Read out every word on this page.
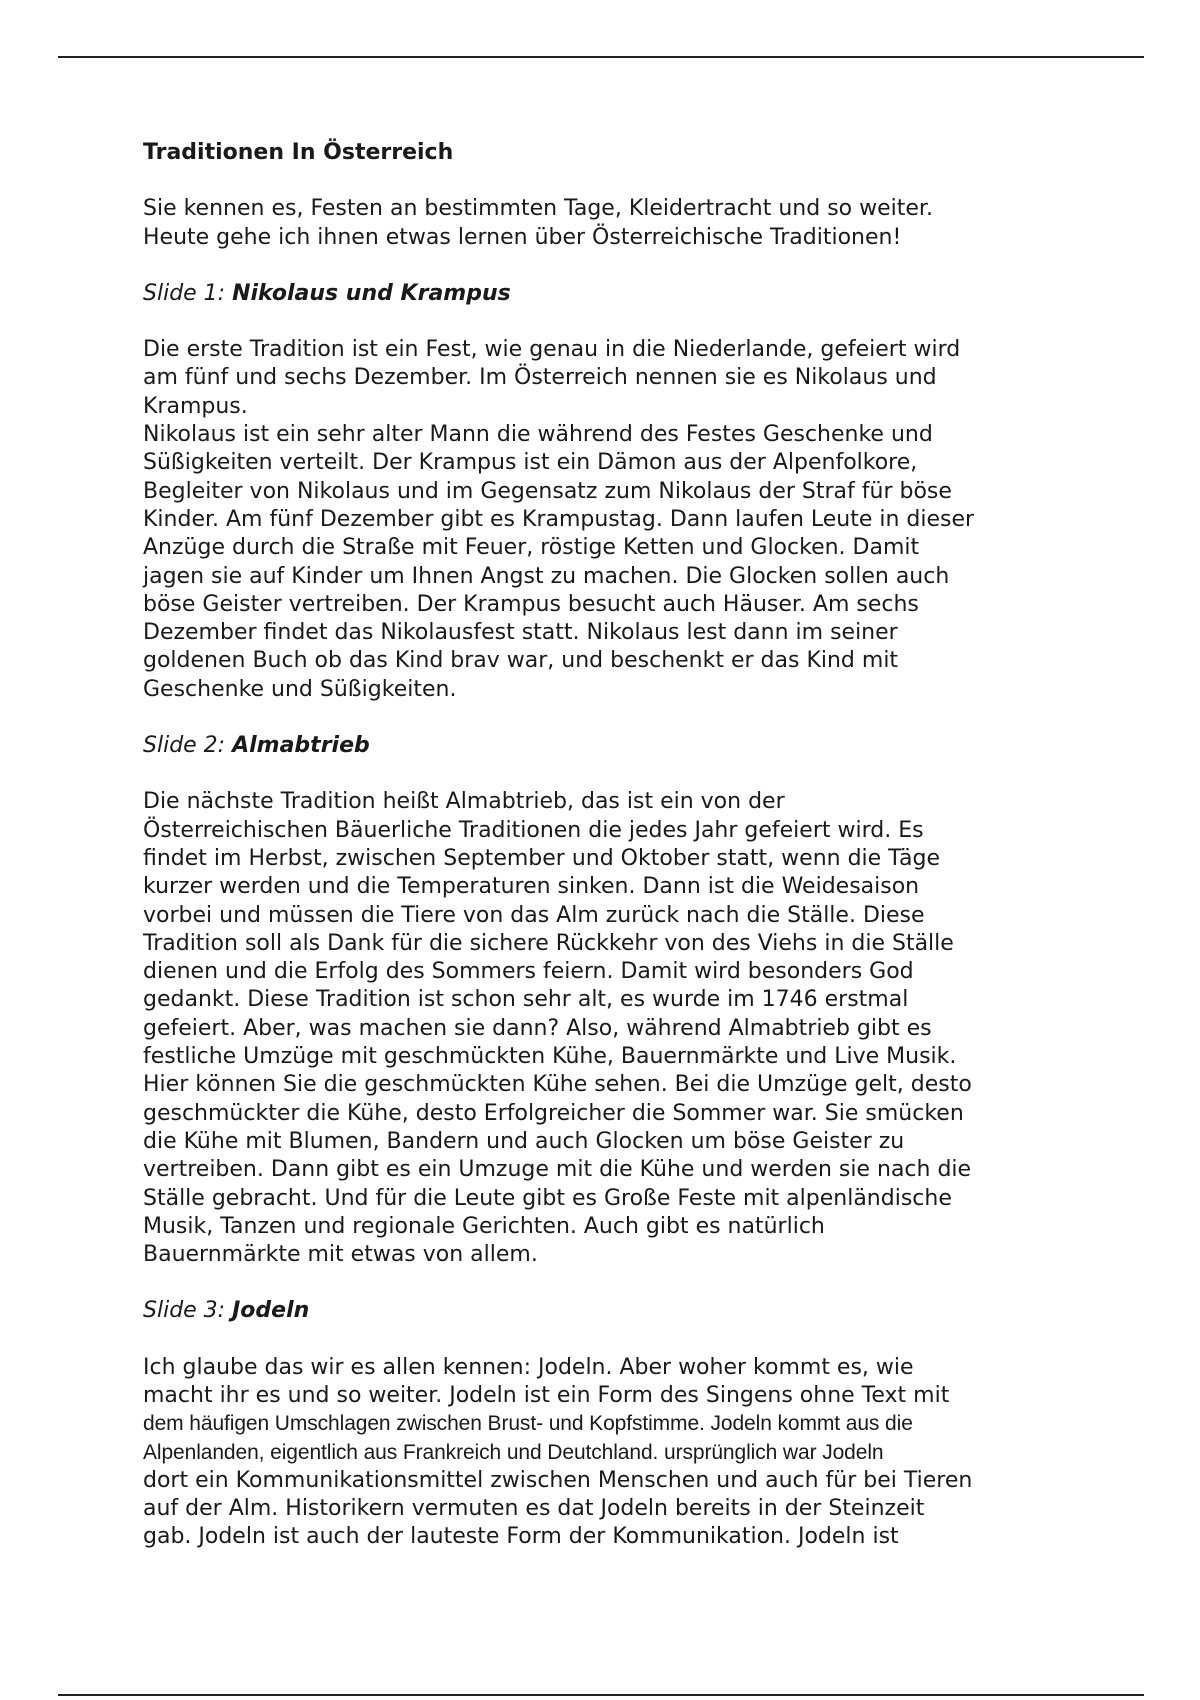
Traditionen In Österreich

Sie kennen es, Festen an bestimmten Tage, Kleidertracht und so weiter.
Heute gehe ich ihnen etwas lernen über Österreichische Traditionen!

Slide 1: Nikolaus und Krampus

Die erste Tradition ist ein Fest, wie genau in die Niederlande, gefeiert wird
am fünf und sechs Dezember. Im Österreich nennen sie es Nikolaus und
Krampus.
Nikolaus ist ein sehr alter Mann die während des Festes Geschenke und
Süßigkeiten verteilt. Der Krampus ist ein Dämon aus der Alpenfolkore,
Begleiter von Nikolaus und im Gegensatz zum Nikolaus der Straf für böse
Kinder. Am fünf Dezember gibt es Krampustag. Dann laufen Leute in dieser
Anzüge durch die Straße mit Feuer, röstige Ketten und Glocken. Damit
jagen sie auf Kinder um Ihnen Angst zu machen. Die Glocken sollen auch
böse Geister vertreiben. Der Krampus besucht auch Häuser. Am sechs
Dezember findet das Nikolausfest statt. Nikolaus lest dann im seiner
goldenen Buch ob das Kind brav war, und beschenkt er das Kind mit
Geschenke und Süßigkeiten.

Slide 2: Almabtrieb

Die nächste Tradition heißt Almabtrieb, das ist ein von der
Österreichischen Bäuerliche Traditionen die jedes Jahr gefeiert wird. Es
findet im Herbst, zwischen September und Oktober statt, wenn die Täge
kurzer werden und die Temperaturen sinken. Dann ist die Weidesaison
vorbei und müssen die Tiere von das Alm zurück nach die Ställe. Diese
Tradition soll als Dank für die sichere Rückkehr von des Viehs in die Ställe
dienen und die Erfolg des Sommers feiern. Damit wird besonders God
gedankt. Diese Tradition ist schon sehr alt, es wurde im 1746 erstmal
gefeiert. Aber, was machen sie dann? Also, während Almabtrieb gibt es
festliche Umzüge mit geschmückten Kühe, Bauernmärkte und Live Musik.
Hier können Sie die geschmückten Kühe sehen. Bei die Umzüge gelt, desto
geschmückter die Kühe, desto Erfolgreicher die Sommer war. Sie smücken
die Kühe mit Blumen, Bandern und auch Glocken um böse Geister zu
vertreiben. Dann gibt es ein Umzuge mit die Kühe und werden sie nach die
Ställe gebracht. Und für die Leute gibt es Große Feste mit alpenländische
Musik, Tanzen und regionale Gerichten. Auch gibt es natürlich
Bauernmärkte mit etwas von allem.

Slide 3: Jodeln

Ich glaube das wir es allen kennen: Jodeln. Aber woher kommt es, wie
macht ihr es und so weiter. Jodeln ist ein Form des Singens ohne Text mit
dem häufigen Umschlagen zwischen Brust- und Kopfstimme. Jodeln kommt aus die
Alpenlanden, eigentlich aus Frankreich und Deutchland. ursprünglich war Jodeln
dort ein Kommunikationsmittel zwischen Menschen und auch für bei Tieren
auf der Alm. Historikern vermuten es dat Jodeln bereits in der Steinzeit
gab. Jodeln ist auch der lauteste Form der Kommunikation. Jodeln ist
